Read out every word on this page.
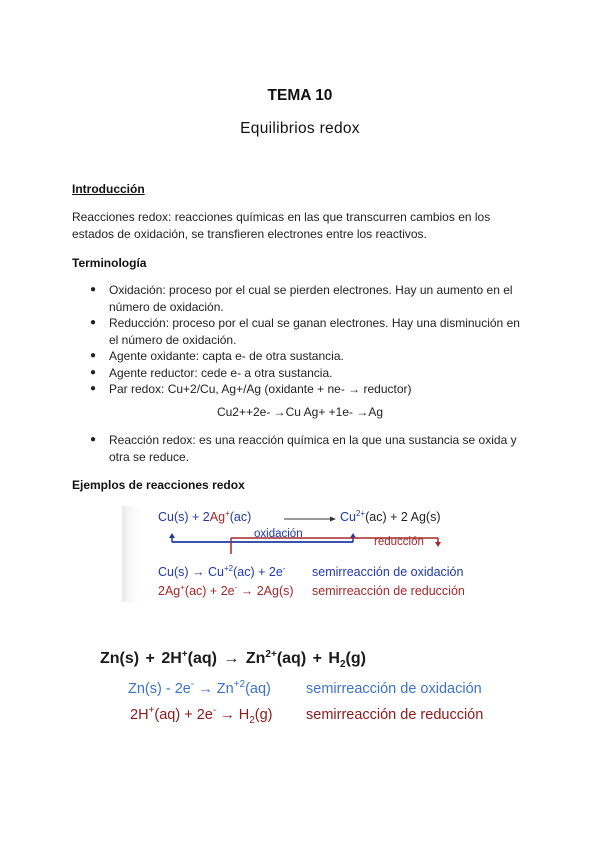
TEMA 10
Equilibrios redox
Introducción
Reacciones redox: reacciones químicas en las que transcurren cambios en los estados de oxidación, se transfieren electrones entre los reactivos.
Terminología
● Oxidación: proceso por el cual se pierden electrones. Hay un aumento en el número de oxidación.
● Reducción: proceso por el cual se ganan electrones. Hay una disminución en el número de oxidación.
● Agente oxidante: capta e- de otra sustancia.
● Agente reductor: cede e- a otra sustancia.
● Par redox: Cu+2/Cu, Ag+/Ag (oxidante + ne- → reductor)
Cu2++2e- →Cu Ag+ +1e- →Ag
● Reacción redox: es una reacción química en la que una sustancia se oxida y otra se reduce.
Ejemplos de reacciones redox
Cu(s) + 2Ag+(ac)	$Cu^{2+}(ac) + 2$ Ag(s)
oxidación
reducción
$Cu(s) \to Cu^{+2}(ac) + 2e^-$ semirreacción de oxidación
2Ag+(ac) + 2e- → 2Ag(s) semirreacción de reducción
$Zn(s) + 2H^+(aq) \to Zn^{2+}(aq) + H_2(g)$
$Zn(s) - 2e^- \to Zn^{+2}(aq)$ semirreacción de oxidación
$2H^+(aq) + 2e^- \to H_2(g)$ semirreacción de reducción
